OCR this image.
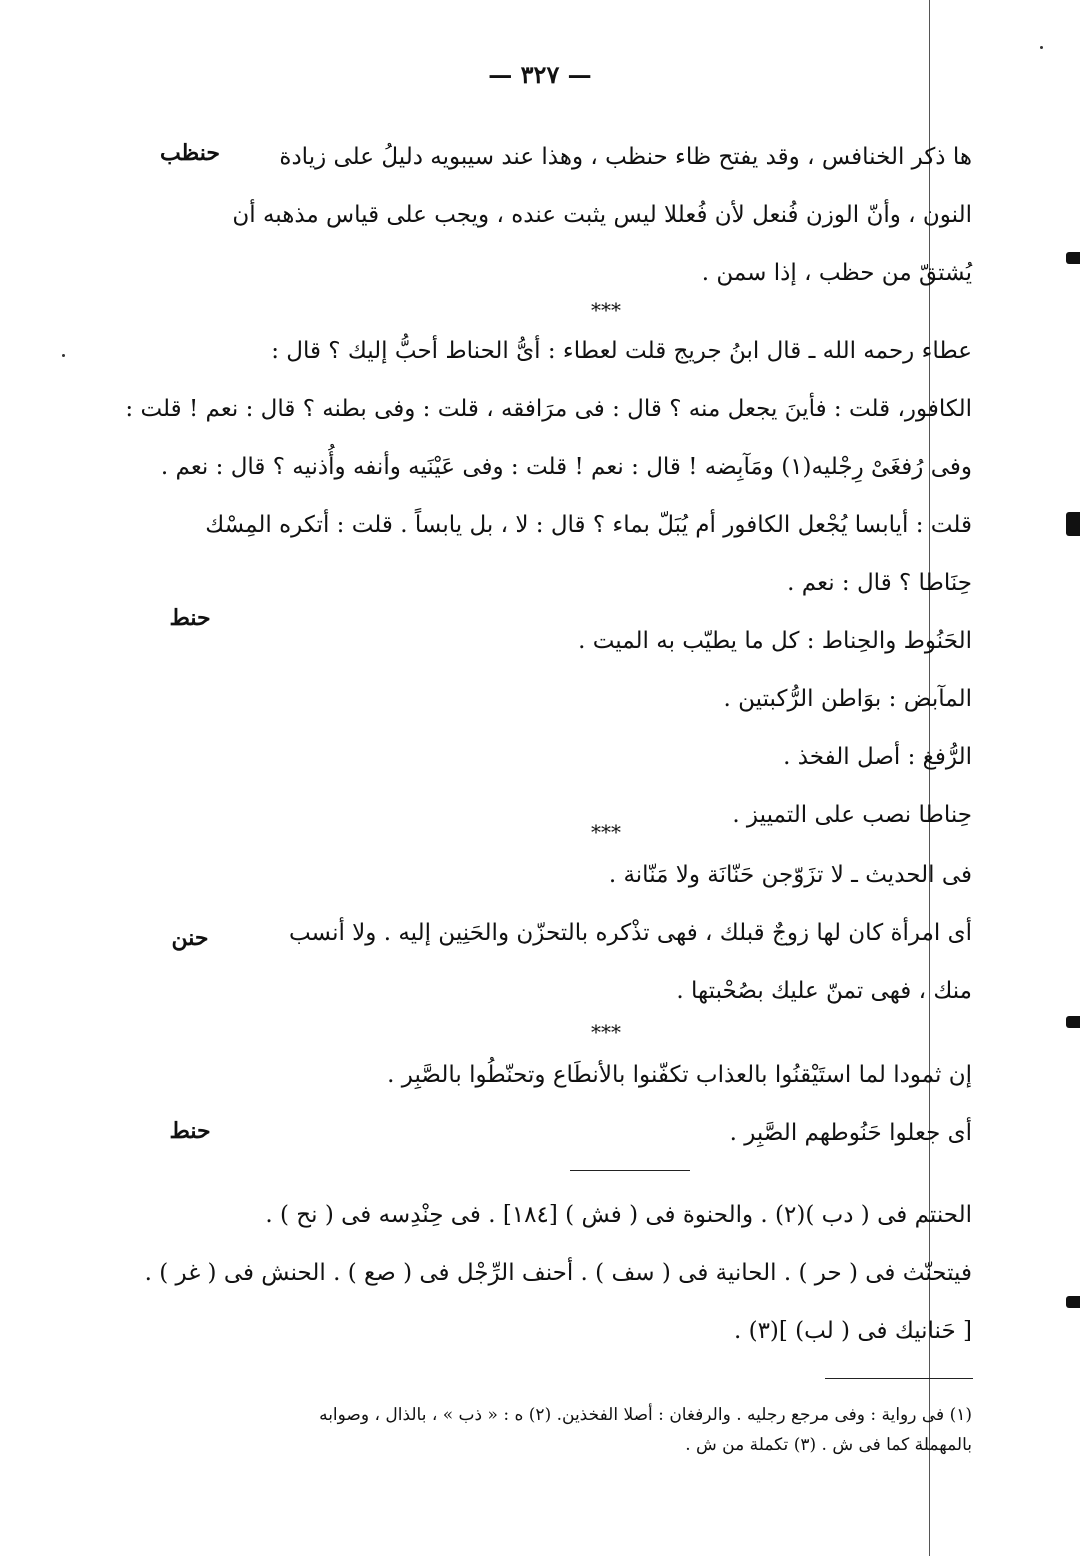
— ٣٢٧ —
حنظب	ها ذكر الخنافس ، وقد يفتح ظاء حنظب ، وهذا عند سيبويه دليلُ على زيادة
النون ، وأنّ الوزن فُنعل لأن فُعللا ليس يثبت عنده ، ويجب على قياس مذهبه أن
يُشتقّ من حظب ، إذا سمن .
***
حنط
عطاء رحمه الله ـ قال ابنُ جريج قلت لعطاء : أىُّ الحناط أحبُّ إليك ؟ قال :
الكافور، قلت : فأينَ يجعل منه ؟ قال : فى مرَافقه ، قلت : وفى بطنه ؟ قال : نعم ! قلت :
وفى رُفغَىْ رِجْليه(١) ومَآبِضه ! قال : نعم ! قلت : وفى عَيْنَيه وأنفه وأُذنيه ؟ قال : نعم .
قلت : أيابسا يُجْعل الكافور أم يُبَلّ بماء ؟ قال : لا ، بل يابساً . قلت : أتكره المِسْك
حِنَاطا ؟ قال : نعم .
الحَنُوط والحِناط : كل ما يطيّب به الميت .
المآبض : بوَاطن الرُّكبتين .
الرُّفغ : أصل الفخذ .
حِناطا نصب على التمييز .
***
حنن
فى الحديث ـ لا تزَوّجن حَنّانَة ولا مَنّانة .
أى امرأة كان لها زوجٌ قبلك ، فهى تذْكره بالتحزّن والحَنِين إليه . ولا أنسب
منك ، فهى تمنّ عليك بصُحْبتها .
***
حنط
إن ثمودا لما استَيْقنُوا بالعذاب تكفّنوا بالأنطَاع وتحنّطُوا بالصَّبِر .
أى جعلوا حَنُوطهم الصَّبِر .
الحنتم فى ( دب )(٢) . والحنوة فى ( فش ) [١٨٤] . فى حِنْدِسه فى ( نح ) .
فيتحنّث فى ( حر ) . الحانية فى ( سف ) . أحنف الرِّجْل فى ( صع ) . الحنش فى ( غر ) .
[ حَنانيك فى ( لب) ](٣) .
(١) فى رواية : وفى مرجع رجليه . والرفغان : أصلا الفخذين. (٢) ه : « ذب » ، بالذال ، وصوابه
بالمهملة كما فى ش . (٣) تكملة من ش .
